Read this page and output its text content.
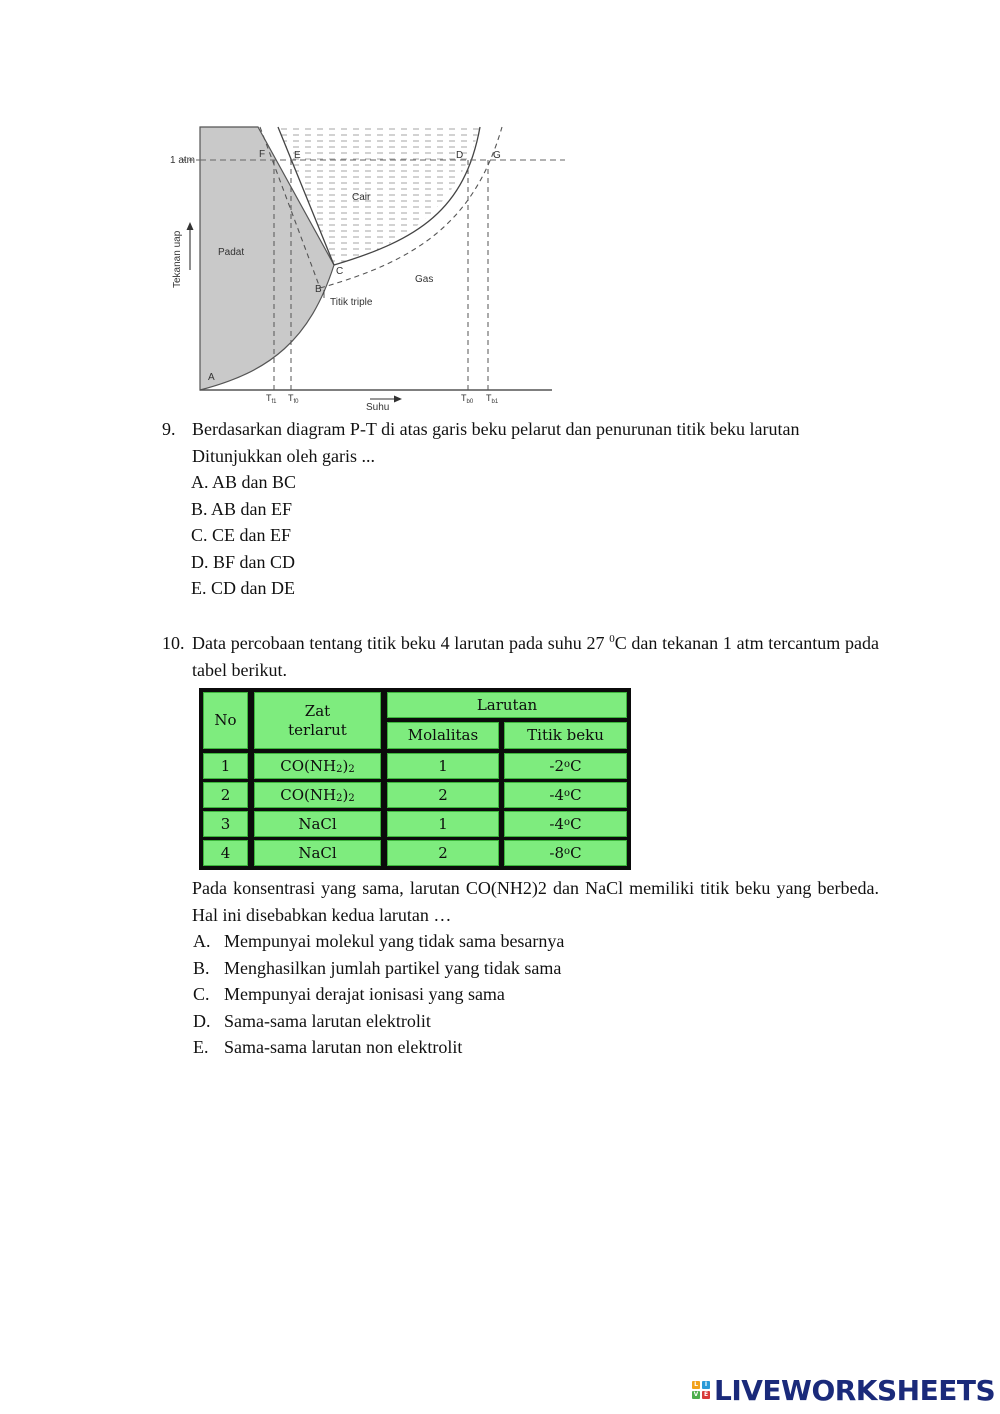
1 atm
Tekanan uap
Suhu
Padat
Cair
Gas
A
B
C
D
E
F	G
Titik triple
$T_{f1}$ $T_{f0}$	$T_{b0}$ $T_{b1}$
9. Berdasarkan diagram P-T di atas garis beku pelarut dan penurunan titik beku larutan Ditunjukkan oleh garis ...
A. AB dan BC
B. AB dan EF
C. CE dan EF
D. BF dan CD
E. CD dan DE
10. Data percobaan tentang titik beku 4 larutan pada suhu 27 $^0$C dan tekanan 1 atm tercantum pada tabel berikut.
No
Zat terlarut
Larutan
Molalitas	Titik beku
1	$CO(NH_2$ )$_2$	1	-2$^o$ C
2	$CO(NH_2$ )$_2$	2	-4$^o$ C
3	NaCl	1	-4$^o$ C
4	NaCl	2	-8$^o$ C
Pada konsentrasi yang sama, larutan CO(NH2)2 dan NaCl memiliki titik beku yang berbeda. Hal ini disebabkan kedua larutan …
A. Mempunyai molekul yang tidak sama besarnya
B. Menghasilkan jumlah partikel yang tidak sama
C. Mempunyai derajat ionisasi yang sama
D. Sama-sama larutan elektrolit
E. Sama-sama larutan non elektrolit
L	I
V E LIVEWORKSHEETS
